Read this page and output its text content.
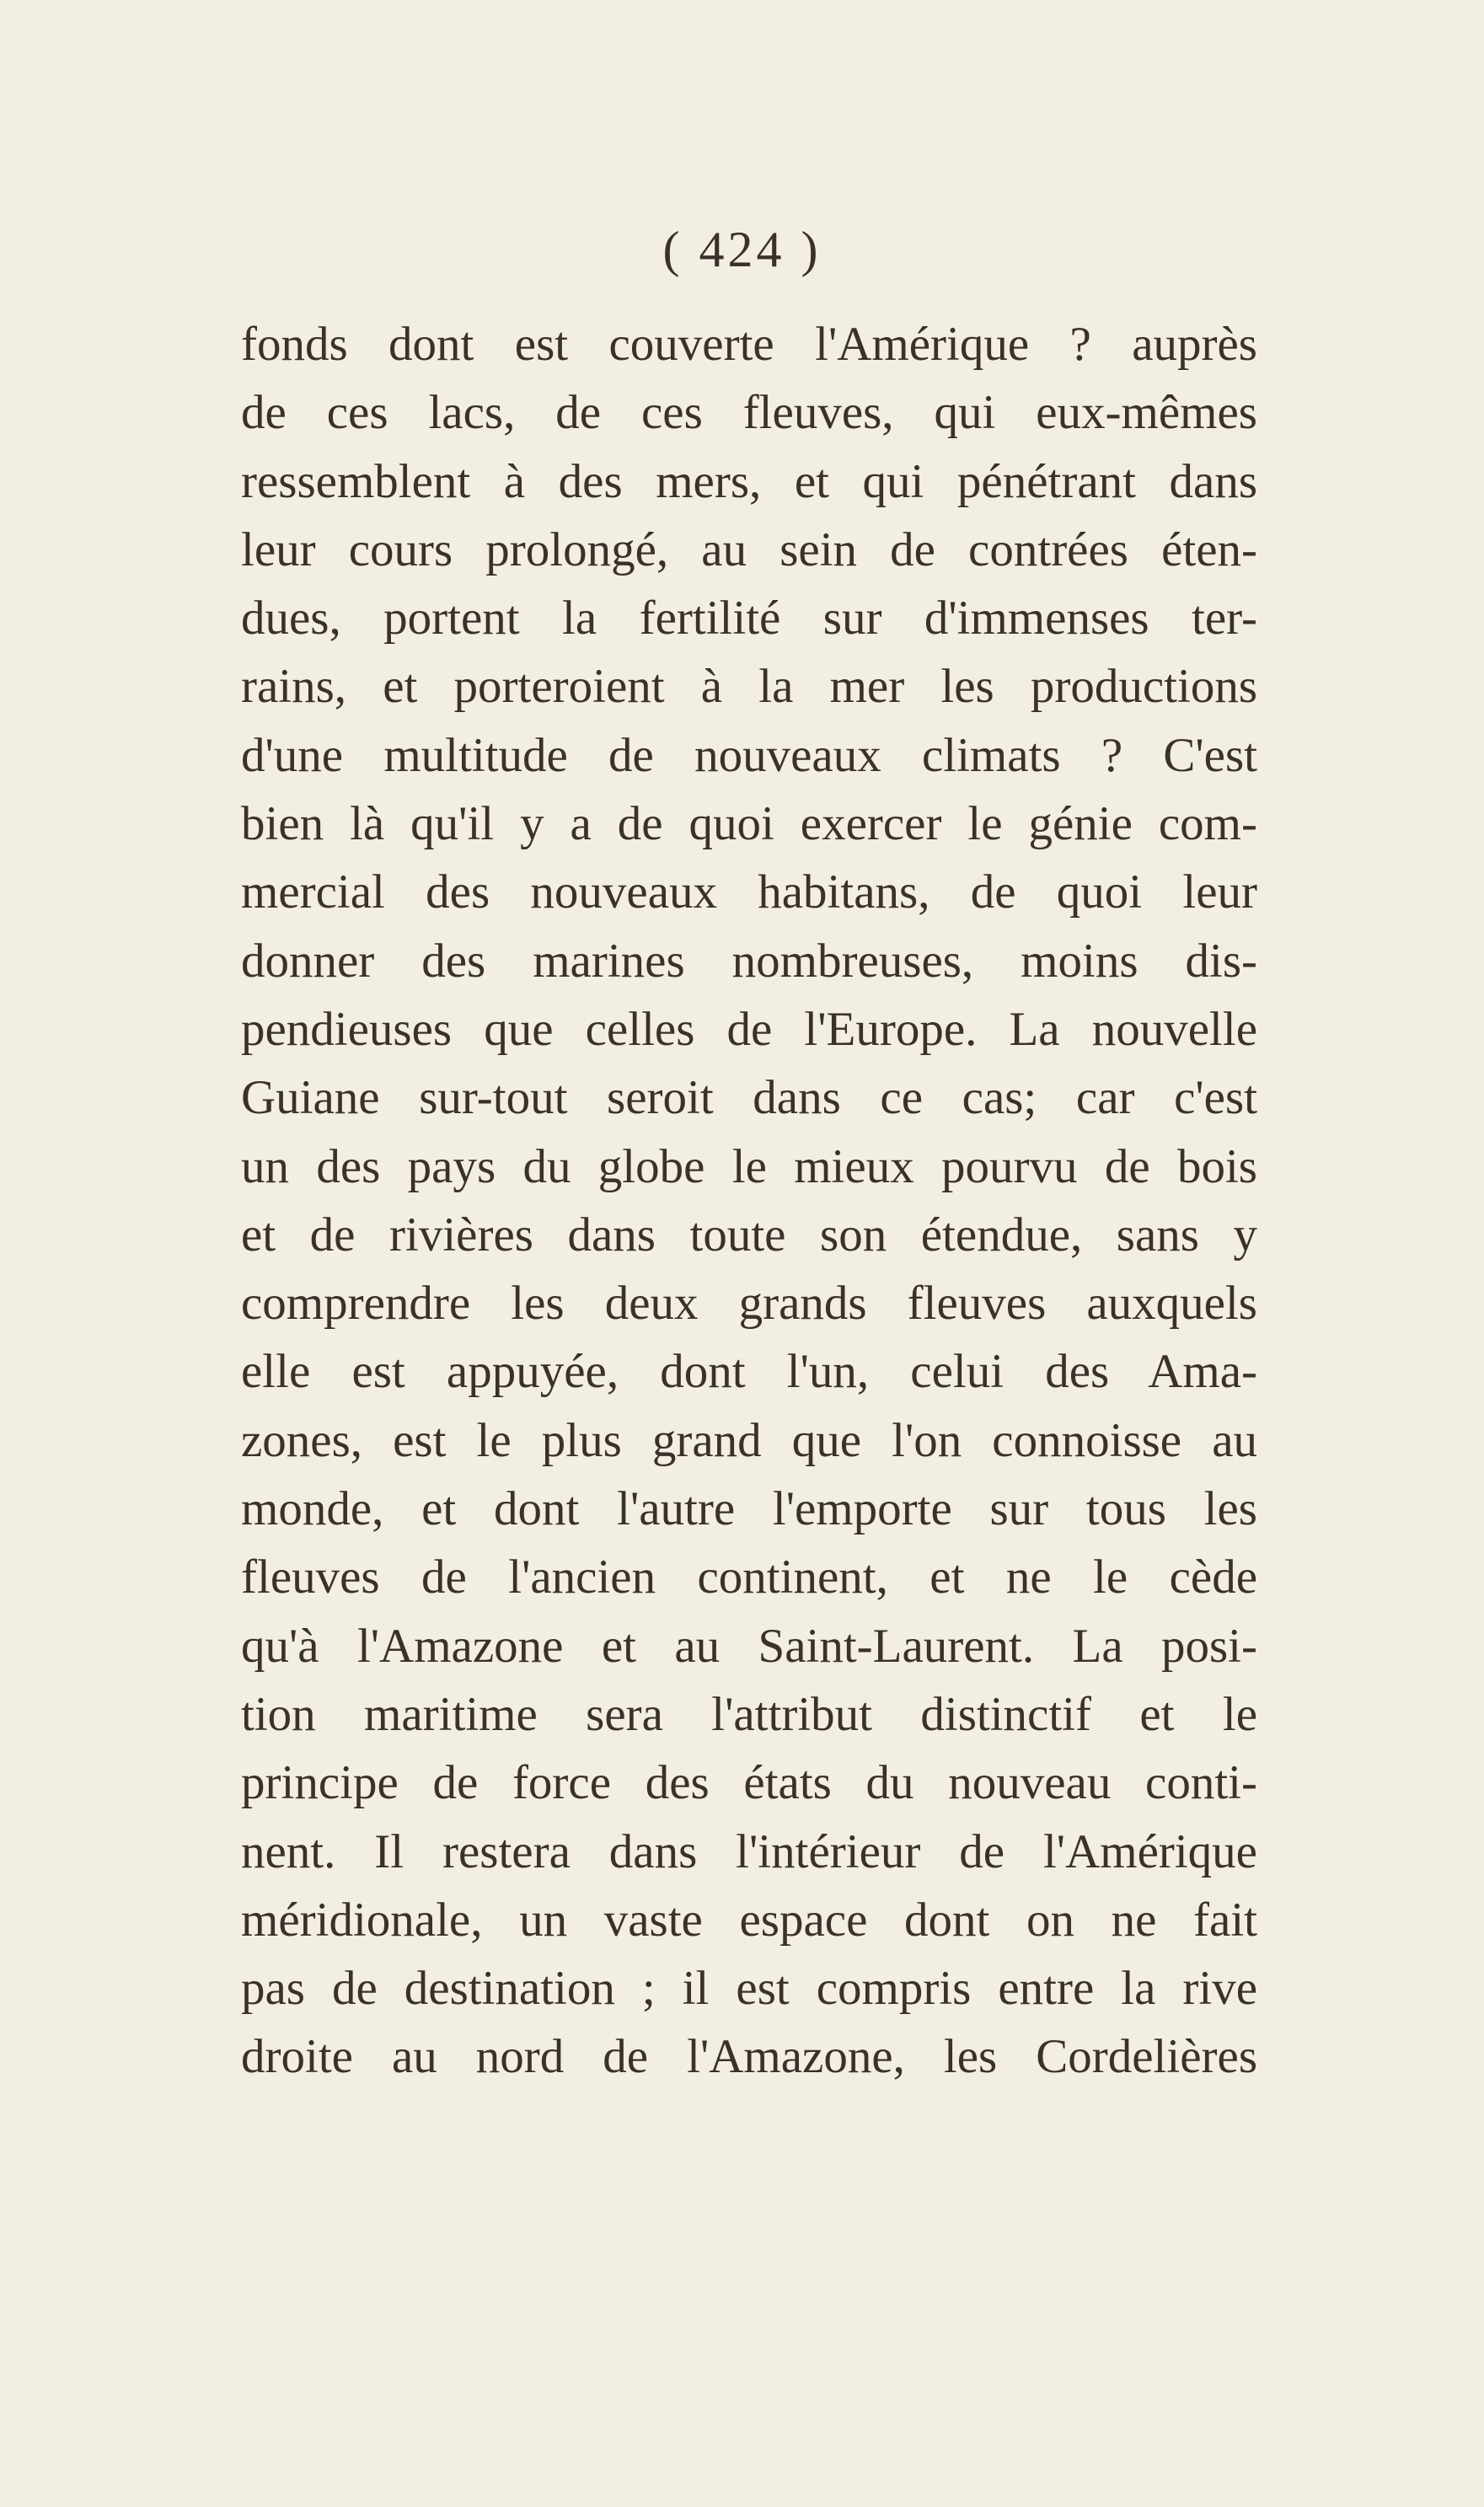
( 424 )
fonds dont est couverte l'Amérique ? auprès
de ces lacs, de ces fleuves, qui eux-mêmes
ressemblent à des mers, et qui pénétrant dans
leur cours prolongé, au sein de contrées éten-
dues, portent la fertilité sur d'immenses ter-
rains, et porteroient à la mer les productions
d'une multitude de nouveaux climats ? C'est
bien là qu'il y a de quoi exercer le génie com-
mercial des nouveaux habitans, de quoi leur
donner des marines nombreuses, moins dis-
pendieuses que celles de l'Europe. La nouvelle
Guiane sur-tout seroit dans ce cas; car c'est
un des pays du globe le mieux pourvu de bois
et de rivières dans toute son étendue, sans y
comprendre les deux grands fleuves auxquels
elle est appuyée, dont l'un, celui des Ama-
zones, est le plus grand que l'on connoisse au
monde, et dont l'autre l'emporte sur tous les
fleuves de l'ancien continent, et ne le cède
qu'à l'Amazone et au Saint-Laurent. La posi-
tion maritime sera l'attribut distinctif et le
principe de force des états du nouveau conti-
nent. Il restera dans l'intérieur de l'Amérique
méridionale, un vaste espace dont on ne fait
pas de destination ; il est compris entre la rive
droite au nord de l'Amazone, les Cordelières
